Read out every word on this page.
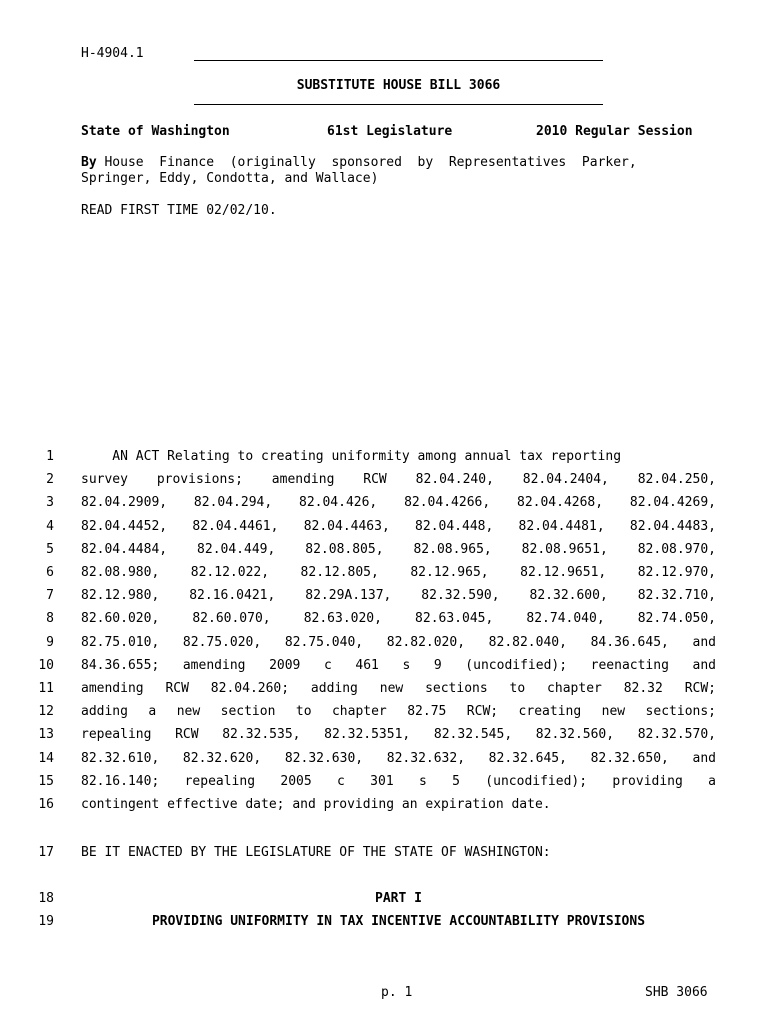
H-4904.1
SUBSTITUTE HOUSE BILL 3066
State of Washington	61st Legislature	2010 Regular Session
By House  Finance  (originally  sponsored  by  Representatives  Parker,
Springer, Eddy, Condotta, and Wallace)
READ FIRST TIME 02/02/10.
1 AN ACT Relating to creating uniformity among annual tax reporting
2 survey provisions; amending RCW 82.04.240, 82.04.2404, 82.04.250,
3 82.04.2909, 82.04.294, 82.04.426, 82.04.4266, 82.04.4268, 82.04.4269,
4 82.04.4452, 82.04.4461, 82.04.4463, 82.04.448, 82.04.4481, 82.04.4483,
5 82.04.4484, 82.04.449, 82.08.805, 82.08.965, 82.08.9651, 82.08.970,
6 82.08.980, 82.12.022, 82.12.805, 82.12.965, 82.12.9651, 82.12.970,
7 82.12.980, 82.16.0421, 82.29A.137, 82.32.590, 82.32.600, 82.32.710,
8 82.60.020, 82.60.070, 82.63.020, 82.63.045, 82.74.040, 82.74.050,
9 82.75.010, 82.75.020, 82.75.040, 82.82.020, 82.82.040, 84.36.645, and
10 84.36.655; amending 2009 c 461 s 9 (uncodified); reenacting and
11 amending RCW 82.04.260; adding new sections to chapter 82.32 RCW;
12 adding a new section to chapter 82.75 RCW; creating new sections;
13 repealing RCW 82.32.535, 82.32.5351, 82.32.545, 82.32.560, 82.32.570,
14 82.32.610, 82.32.620, 82.32.630, 82.32.632, 82.32.645, 82.32.650, and
15 82.16.140; repealing 2005 c 301 s 5 (uncodified); providing a
16 contingent effective date; and providing an expiration date.
17 BE IT ENACTED BY THE LEGISLATURE OF THE STATE OF WASHINGTON:
18	PART I
19	PROVIDING UNIFORMITY IN TAX INCENTIVE ACCOUNTABILITY PROVISIONS
p. 1	SHB 3066
